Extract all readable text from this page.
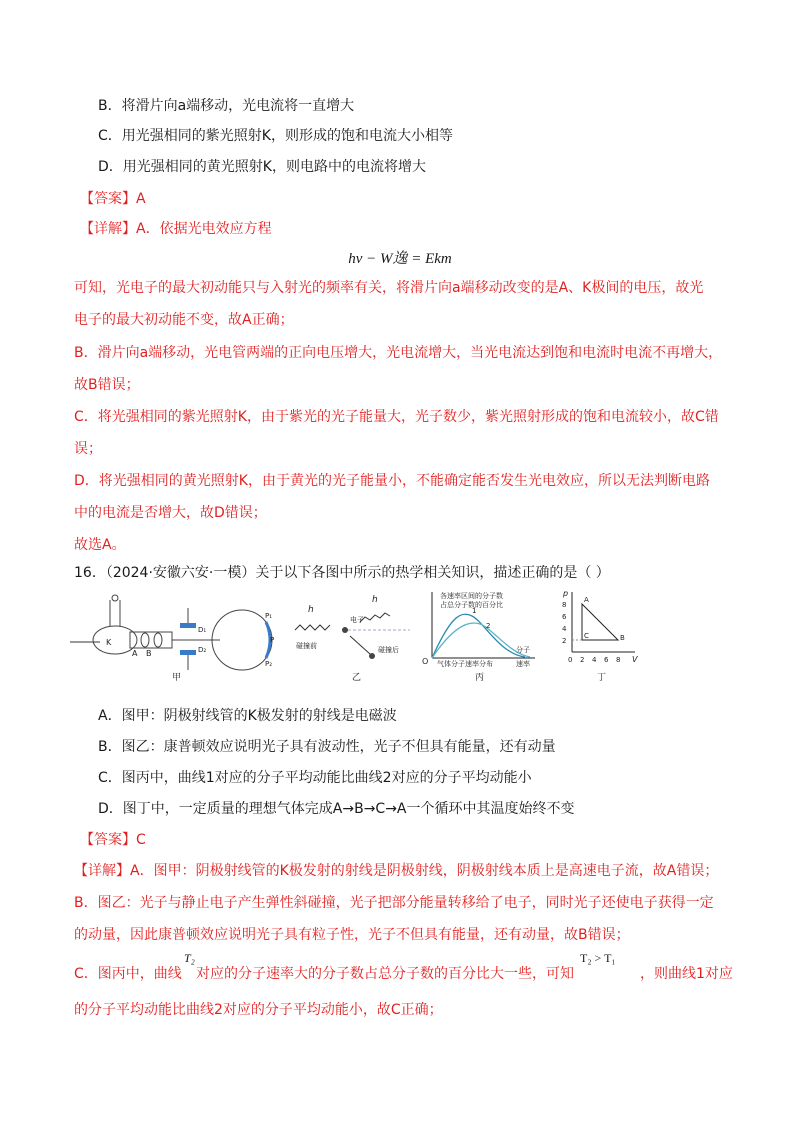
B．将滑片向a端移动，光电流将一直增大
C．用光强相同的紫光照射K，则形成的饱和电流大小相等
D．用光强相同的黄光照射K，则电路中的电流将增大
【答案】A
【详解】A．依据光电效应方程
hν − W逸 = Ekm
可知，光电子的最大初动能只与入射光的频率有关，将滑片向a端移动改变的是A、K极间的电压，故光
电子的最大初动能不变，故A正确；
B．滑片向a端移动，光电管两端的正向电压增大，光电流增大，当光电流达到饱和电流时电流不再增大，
故B错误；
C．将光强相同的紫光照射K，由于紫光的光子能量大，光子数少，紫光照射形成的饱和电流较小，故C错
误；
D．将光强相同的黄光照射K，由于黄光的光子能量小，不能确定能否发生光电效应，所以无法判断电路
中的电流是否增大，故D错误；
故选A。
16．（2024·安徽六安·一模）关于以下各图中所示的热学相关知识，描述正确的是（ ）
K
A B
D₁
D₂
P₁
P₂
P
甲
h
碰撞前
电子
h
碰撞后
乙
各速率区间的分子数
占总分子数的百分比
1
2
O 气体分子速率分布
分子
速率
丙
p
V
8
6
4
2
0 2 4 6 8
A
B
C
丁
A．图甲：阴极射线管的K极发射的射线是电磁波
B．图乙：康普顿效应说明光子具有波动性，光子不但具有能量，还有动量
C．图丙中，曲线1对应的分子平均动能比曲线2对应的分子平均动能小
D．图丁中，一定质量的理想气体完成A→B→C→A一个循环中其温度始终不变
【答案】C
【详解】A．图甲：阴极射线管的K极发射的射线是阴极射线，阴极射线本质上是高速电子流，故A错误；
B．图乙：光子与静止电子产生弹性斜碰撞，光子把部分能量转移给了电子，同时光子还使电子获得一定
的动量，因此康普顿效应说明光子具有粒子性，光子不但具有能量，还有动量，故B错误；
C．图丙中，曲线
T₂
对应的分子速率大的分子数占总分子数的百分比大一些，可知
T₂ > T₁
，则曲线1对应
的分子平均动能比曲线2对应的分子平均动能小，故C正确；
